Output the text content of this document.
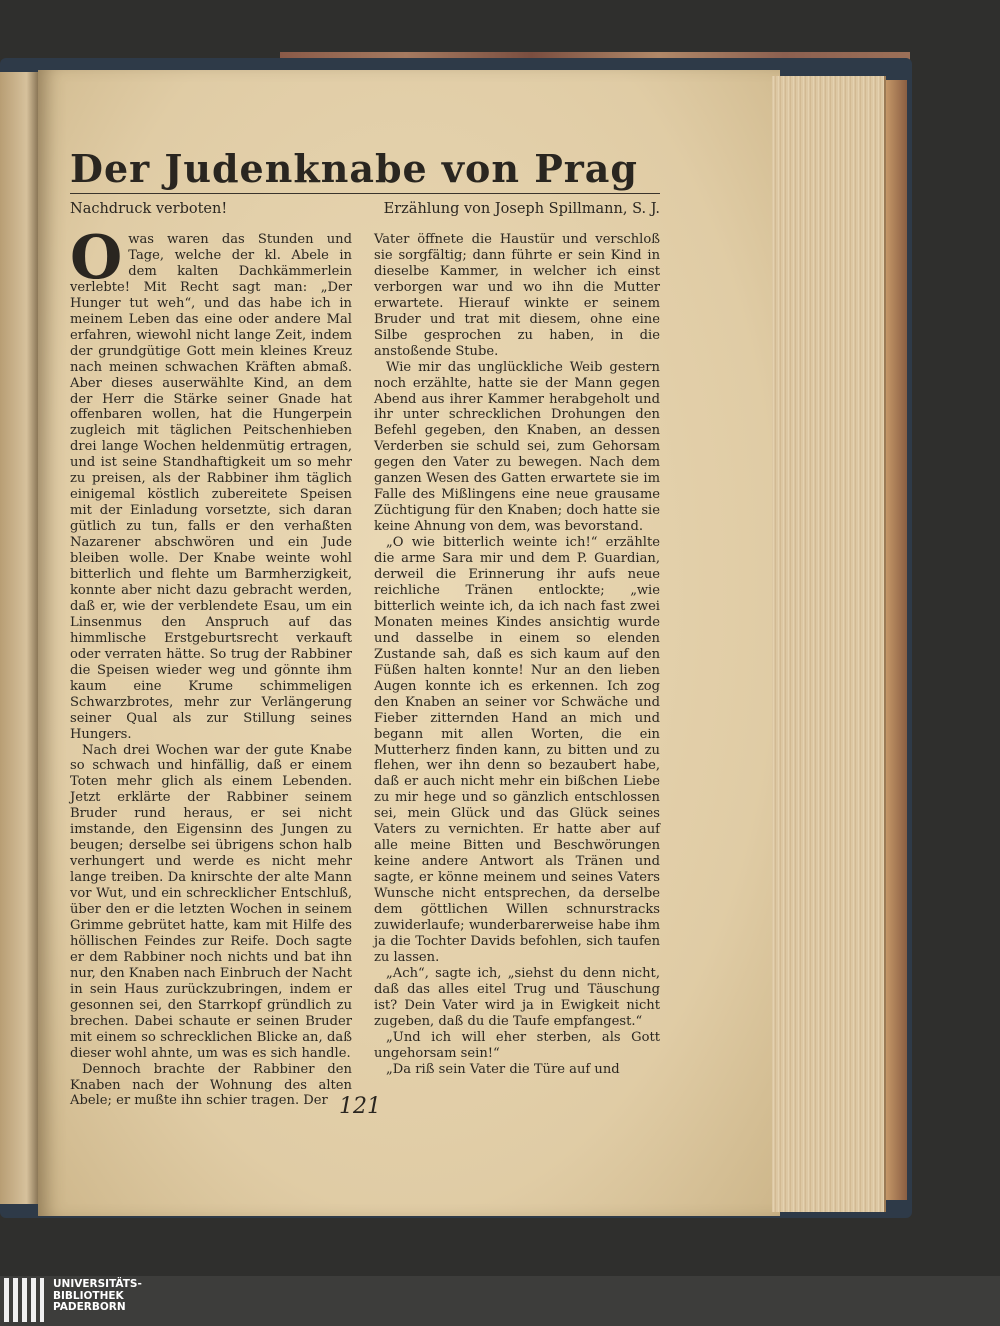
Der Judenknabe von Prag
Nachdruck verboten!	Erzählung von Joseph Spillmann, S. J.

Owas waren das Stunden und Tage, welche der kl. Abele in dem kalten Dachkämmerlein verlebte! Mit Recht sagt man: „Der Hunger tut weh“, und das habe ich in meinem Leben das eine oder andere Mal erfahren, wiewohl nicht lange Zeit, indem der grundgütige Gott mein kleines Kreuz nach meinen schwachen Kräften abmaß. Aber dieses auserwählte Kind, an dem der Herr die Stärke seiner Gnade hat offenbaren wollen, hat die Hungerpein zugleich mit täglichen Peitschenhieben drei lange Wochen heldenmütig ertragen, und ist seine Standhaftigkeit um so mehr zu preisen, als der Rabbiner ihm täglich einigemal köstlich zubereitete Speisen mit der Einladung vorsetzte, sich daran gütlich zu tun, falls er den verhaßten Nazarener abschwören und ein Jude bleiben wolle. Der Knabe weinte wohl bitterlich und flehte um Barmherzigkeit, konnte aber nicht dazu gebracht werden, daß er, wie der verblendete Esau, um ein Linsenmus den Anspruch auf das himmlische Erstgeburtsrecht verkauft oder verraten hätte. So trug der Rabbiner die Speisen wieder weg und gönnte ihm kaum eine Krume schimmeligen Schwarzbrotes, mehr zur Verlängerung seiner Qual als zur Stillung seines Hungers.

Nach drei Wochen war der gute Knabe so schwach und hinfällig, daß er einem Toten mehr glich als einem Lebenden. Jetzt erklärte der Rabbiner seinem Bruder rund heraus, er sei nicht imstande, den Eigensinn des Jungen zu beugen; derselbe sei übrigens schon halb verhungert und werde es nicht mehr lange treiben. Da knirschte der alte Mann vor Wut, und ein schrecklicher Entschluß, über den er die letzten Wochen in seinem Grimme gebrütet hatte, kam mit Hilfe des höllischen Feindes zur Reife. Doch sagte er dem Rabbiner noch nichts und bat ihn nur, den Knaben nach Einbruch der Nacht in sein Haus zurückzubringen, indem er gesonnen sei, den Starrkopf gründlich zu brechen. Dabei schaute er seinen Bruder mit einem so schrecklichen Blicke an, daß dieser wohl ahnte, um was es sich handle.

Dennoch brachte der Rabbiner den Knaben nach der Wohnung des alten Abele; er mußte ihn schier tragen. Der

Vater öffnete die Haustür und verschloß sie sorgfältig; dann führte er sein Kind in dieselbe Kammer, in welcher ich einst verborgen war und wo ihn die Mutter erwartete. Hierauf winkte er seinem Bruder und trat mit diesem, ohne eine Silbe gesprochen zu haben, in die anstoßende Stube.

Wie mir das unglückliche Weib gestern noch erzählte, hatte sie der Mann gegen Abend aus ihrer Kammer herabgeholt und ihr unter schrecklichen Drohungen den Befehl gegeben, den Knaben, an dessen Verderben sie schuld sei, zum Gehorsam gegen den Vater zu bewegen. Nach dem ganzen Wesen des Gatten erwartete sie im Falle des Mißlingens eine neue grausame Züchtigung für den Knaben; doch hatte sie keine Ahnung von dem, was bevorstand.

„O wie bitterlich weinte ich!“ erzählte die arme Sara mir und dem P. Guardian, derweil die Erinnerung ihr aufs neue reichliche Tränen entlockte; „wie bitterlich weinte ich, da ich nach fast zwei Monaten meines Kindes ansichtig wurde und dasselbe in einem so elenden Zustande sah, daß es sich kaum auf den Füßen halten konnte! Nur an den lieben Augen konnte ich es erkennen. Ich zog den Knaben an seiner vor Schwäche und Fieber zitternden Hand an mich und begann mit allen Worten, die ein Mutterherz finden kann, zu bitten und zu flehen, wer ihn denn so bezaubert habe, daß er auch nicht mehr ein bißchen Liebe zu mir hege und so gänzlich entschlossen sei, mein Glück und das Glück seines Vaters zu vernichten. Er hatte aber auf alle meine Bitten und Beschwörungen keine andere Antwort als Tränen und sagte, er könne meinem und seines Vaters Wunsche nicht entsprechen, da derselbe dem göttlichen Willen schnurstracks zuwiderlaufe; wunderbarerweise habe ihm ja die Tochter Davids befohlen, sich taufen zu lassen.

„Ach“, sagte ich, „siehst du denn nicht, daß das alles eitel Trug und Täuschung ist? Dein Vater wird ja in Ewigkeit nicht zugeben, daß du die Taufe empfangest.“

„Und ich will eher sterben, als Gott ungehorsam sein!“

„Da riß sein Vater die Türe auf und

121
UNIVERSITÄTS-
BIBLIOTHEK
PADERBORN
